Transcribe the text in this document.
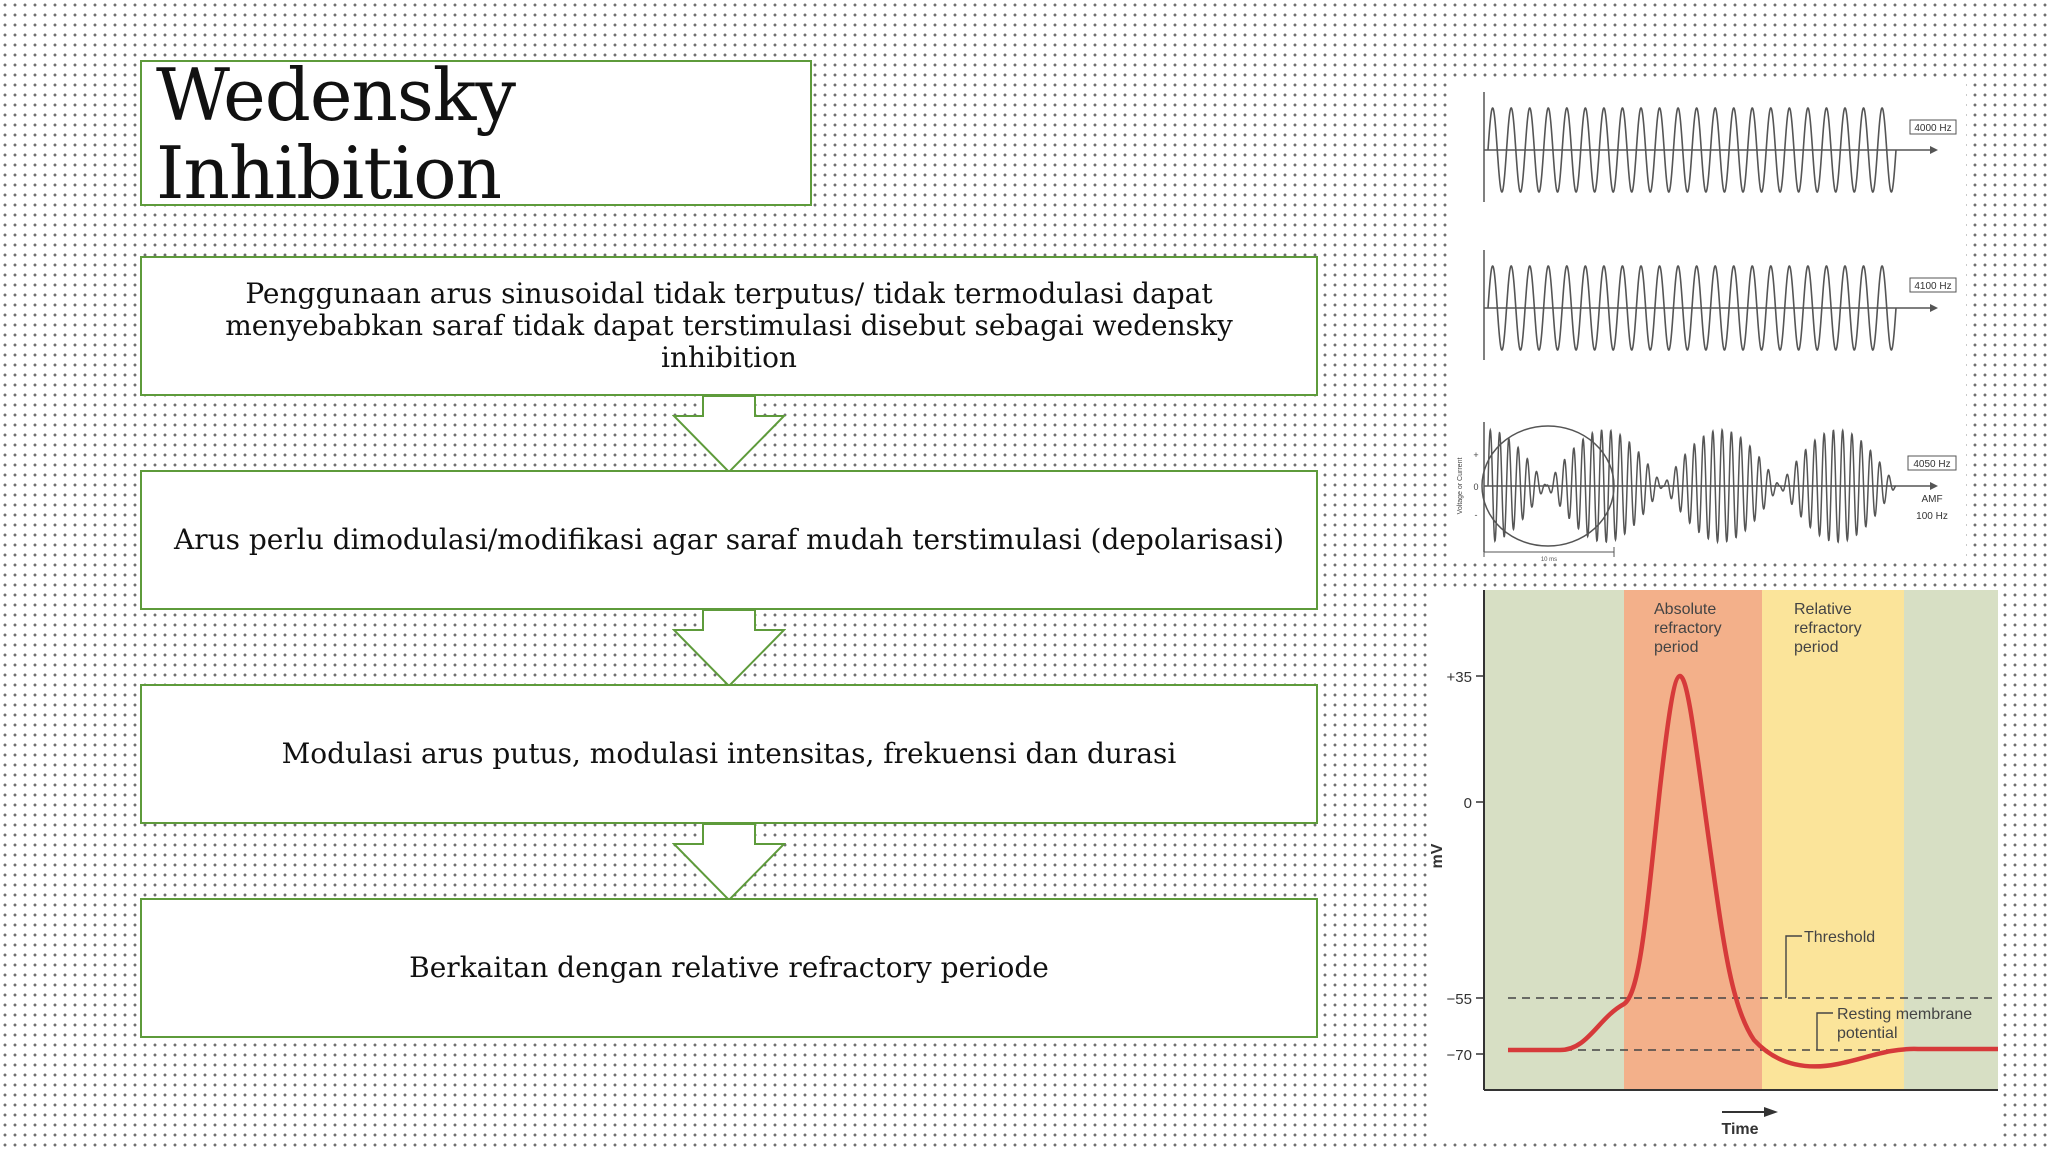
Wedensky
Inhibition
Penggunaan arus sinusoidal tidak terputus/ tidak termodulasi dapat menyebabkan saraf tidak dapat terstimulasi disebut sebagai wedensky inhibition
Arus perlu dimodulasi/modifikasi agar saraf mudah terstimulasi (depolarisasi)
Modulasi arus putus, modulasi intensitas, frekuensi dan durasi
Berkaitan dengan relative refractory periode
4000 Hz
4100 Hz
10 ms
4050 Hz
AMF
100 Hz
+
0
-
Voltage or Current
Absolute
refractory
period
Relative
refractory
period
+35
0
−55
−70
mV
Threshold
Resting membrane
potential
Time
